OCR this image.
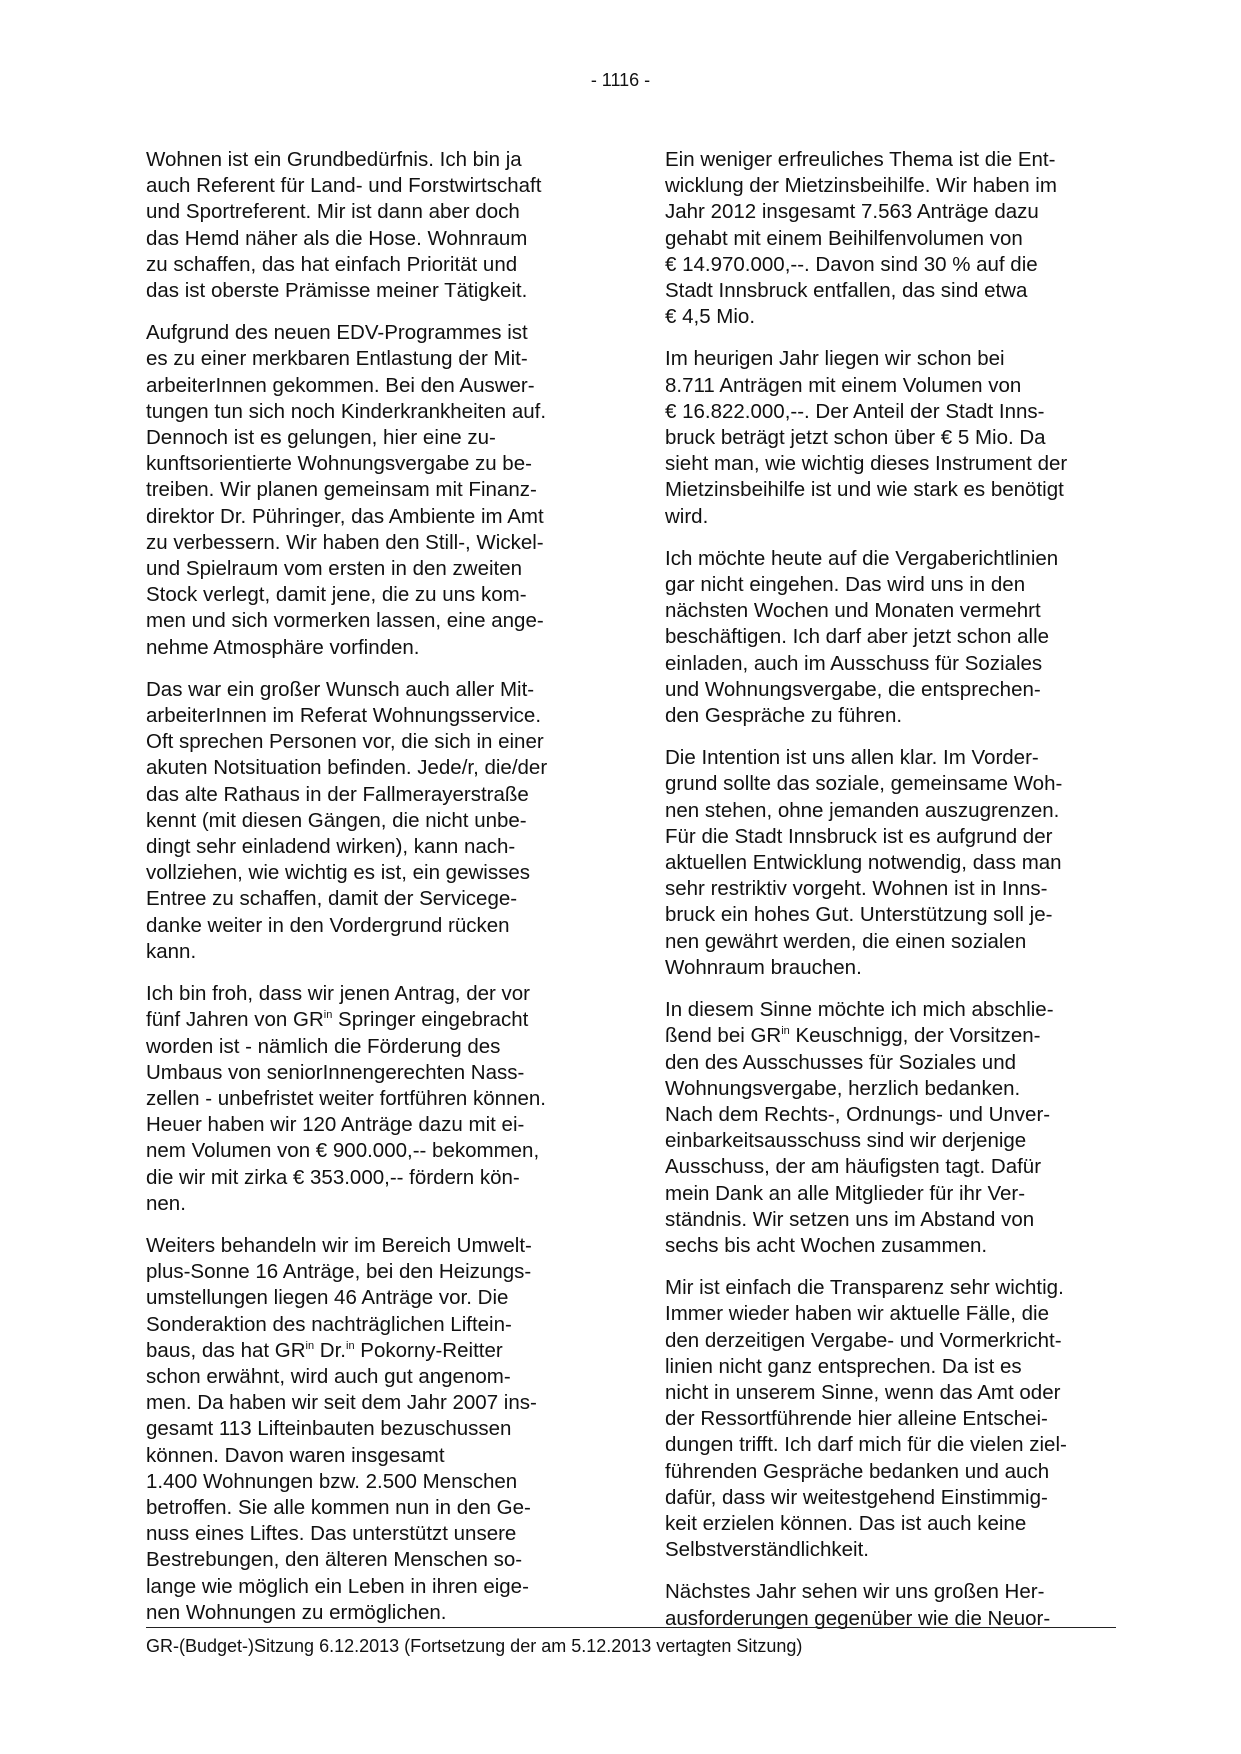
- 1116 -

Wohnen ist ein Grundbedürfnis. Ich bin ja
auch Referent für Land- und Forstwirtschaft
und Sportreferent. Mir ist dann aber doch
das Hemd näher als die Hose. Wohnraum
zu schaffen, das hat einfach Priorität und
das ist oberste Prämisse meiner Tätigkeit.

Aufgrund des neuen EDV-Programmes ist
es zu einer merkbaren Entlastung der Mit-
arbeiterInnen gekommen. Bei den Auswer-
tungen tun sich noch Kinderkrankheiten auf.
Dennoch ist es gelungen, hier eine zu-
kunftsorientierte Wohnungsvergabe zu be-
treiben. Wir planen gemeinsam mit Finanz-
direktor Dr. Pühringer, das Ambiente im Amt
zu verbessern. Wir haben den Still-, Wickel-
und Spielraum vom ersten in den zweiten
Stock verlegt, damit jene, die zu uns kom-
men und sich vormerken lassen, eine ange-
nehme Atmosphäre vorfinden.

Das war ein großer Wunsch auch aller Mit-
arbeiterInnen im Referat Wohnungsservice.
Oft sprechen Personen vor, die sich in einer
akuten Notsituation befinden. Jede/r, die/der
das alte Rathaus in der Fallmerayerstraße
kennt (mit diesen Gängen, die nicht unbe-
dingt sehr einladend wirken), kann nach-
vollziehen, wie wichtig es ist, ein gewisses
Entree zu schaffen, damit der Servicege-
danke weiter in den Vordergrund rücken
kann.

Ich bin froh, dass wir jenen Antrag, der vor
fünf Jahren von $GR^{in}$ Springer eingebracht
worden ist - nämlich die Förderung des
Umbaus von seniorInnengerechten Nass-
zellen - unbefristet weiter fortführen können.
Heuer haben wir 120 Anträge dazu mit ei-
nem Volumen von € 900.000,-- bekommen,
die wir mit zirka € 353.000,-- fördern kön-
nen.

Weiters behandeln wir im Bereich Umwelt-
plus-Sonne 16 Anträge, bei den Heizungs-
umstellungen liegen 46 Anträge vor. Die
Sonderaktion des nachträglichen Liftein-
baus, das hat $GR^{in}$ Dr.$^{in}$ Pokorny-Reitter
schon erwähnt, wird auch gut angenom-
men. Da haben wir seit dem Jahr 2007 ins-
gesamt 113 Lifteinbauten bezuschussen
können. Davon waren insgesamt
1.400 Wohnungen bzw. 2.500 Menschen
betroffen. Sie alle kommen nun in den Ge-
nuss eines Liftes. Das unterstützt unsere
Bestrebungen, den älteren Menschen so-
lange wie möglich ein Leben in ihren eige-
nen Wohnungen zu ermöglichen.

Ein weniger erfreuliches Thema ist die Ent-
wicklung der Mietzinsbeihilfe. Wir haben im
Jahr 2012 insgesamt 7.563 Anträge dazu
gehabt mit einem Beihilfenvolumen von
€ 14.970.000,--. Davon sind 30 % auf die
Stadt Innsbruck entfallen, das sind etwa
€ 4,5 Mio.

Im heurigen Jahr liegen wir schon bei
8.711 Anträgen mit einem Volumen von
€ 16.822.000,--. Der Anteil der Stadt Inns-
bruck beträgt jetzt schon über € 5 Mio. Da
sieht man, wie wichtig dieses Instrument der
Mietzinsbeihilfe ist und wie stark es benötigt
wird.

Ich möchte heute auf die Vergaberichtlinien
gar nicht eingehen. Das wird uns in den
nächsten Wochen und Monaten vermehrt
beschäftigen. Ich darf aber jetzt schon alle
einladen, auch im Ausschuss für Soziales
und Wohnungsvergabe, die entsprechen-
den Gespräche zu führen.

Die Intention ist uns allen klar. Im Vorder-
grund sollte das soziale, gemeinsame Woh-
nen stehen, ohne jemanden auszugrenzen.
Für die Stadt Innsbruck ist es aufgrund der
aktuellen Entwicklung notwendig, dass man
sehr restriktiv vorgeht. Wohnen ist in Inns-
bruck ein hohes Gut. Unterstützung soll je-
nen gewährt werden, die einen sozialen
Wohnraum brauchen.

In diesem Sinne möchte ich mich abschlie-
ßend bei $GR^{in}$ Keuschnigg, der Vorsitzen-
den des Ausschusses für Soziales und
Wohnungsvergabe, herzlich bedanken.
Nach dem Rechts-, Ordnungs- und Unver-
einbarkeitsausschuss sind wir derjenige
Ausschuss, der am häufigsten tagt. Dafür
mein Dank an alle Mitglieder für ihr Ver-
ständnis. Wir setzen uns im Abstand von
sechs bis acht Wochen zusammen.

Mir ist einfach die Transparenz sehr wichtig.
Immer wieder haben wir aktuelle Fälle, die
den derzeitigen Vergabe- und Vormerkricht-
linien nicht ganz entsprechen. Da ist es
nicht in unserem Sinne, wenn das Amt oder
der Ressortführende hier alleine Entschei-
dungen trifft. Ich darf mich für die vielen ziel-
führenden Gespräche bedanken und auch
dafür, dass wir weitestgehend Einstimmig-
keit erzielen können. Das ist auch keine
Selbstverständlichkeit.

Nächstes Jahr sehen wir uns großen Her-
ausforderungen gegenüber wie die Neuor-

GR-(Budget-)Sitzung 6.12.2013 (Fortsetzung der am 5.12.2013 vertagten Sitzung)
